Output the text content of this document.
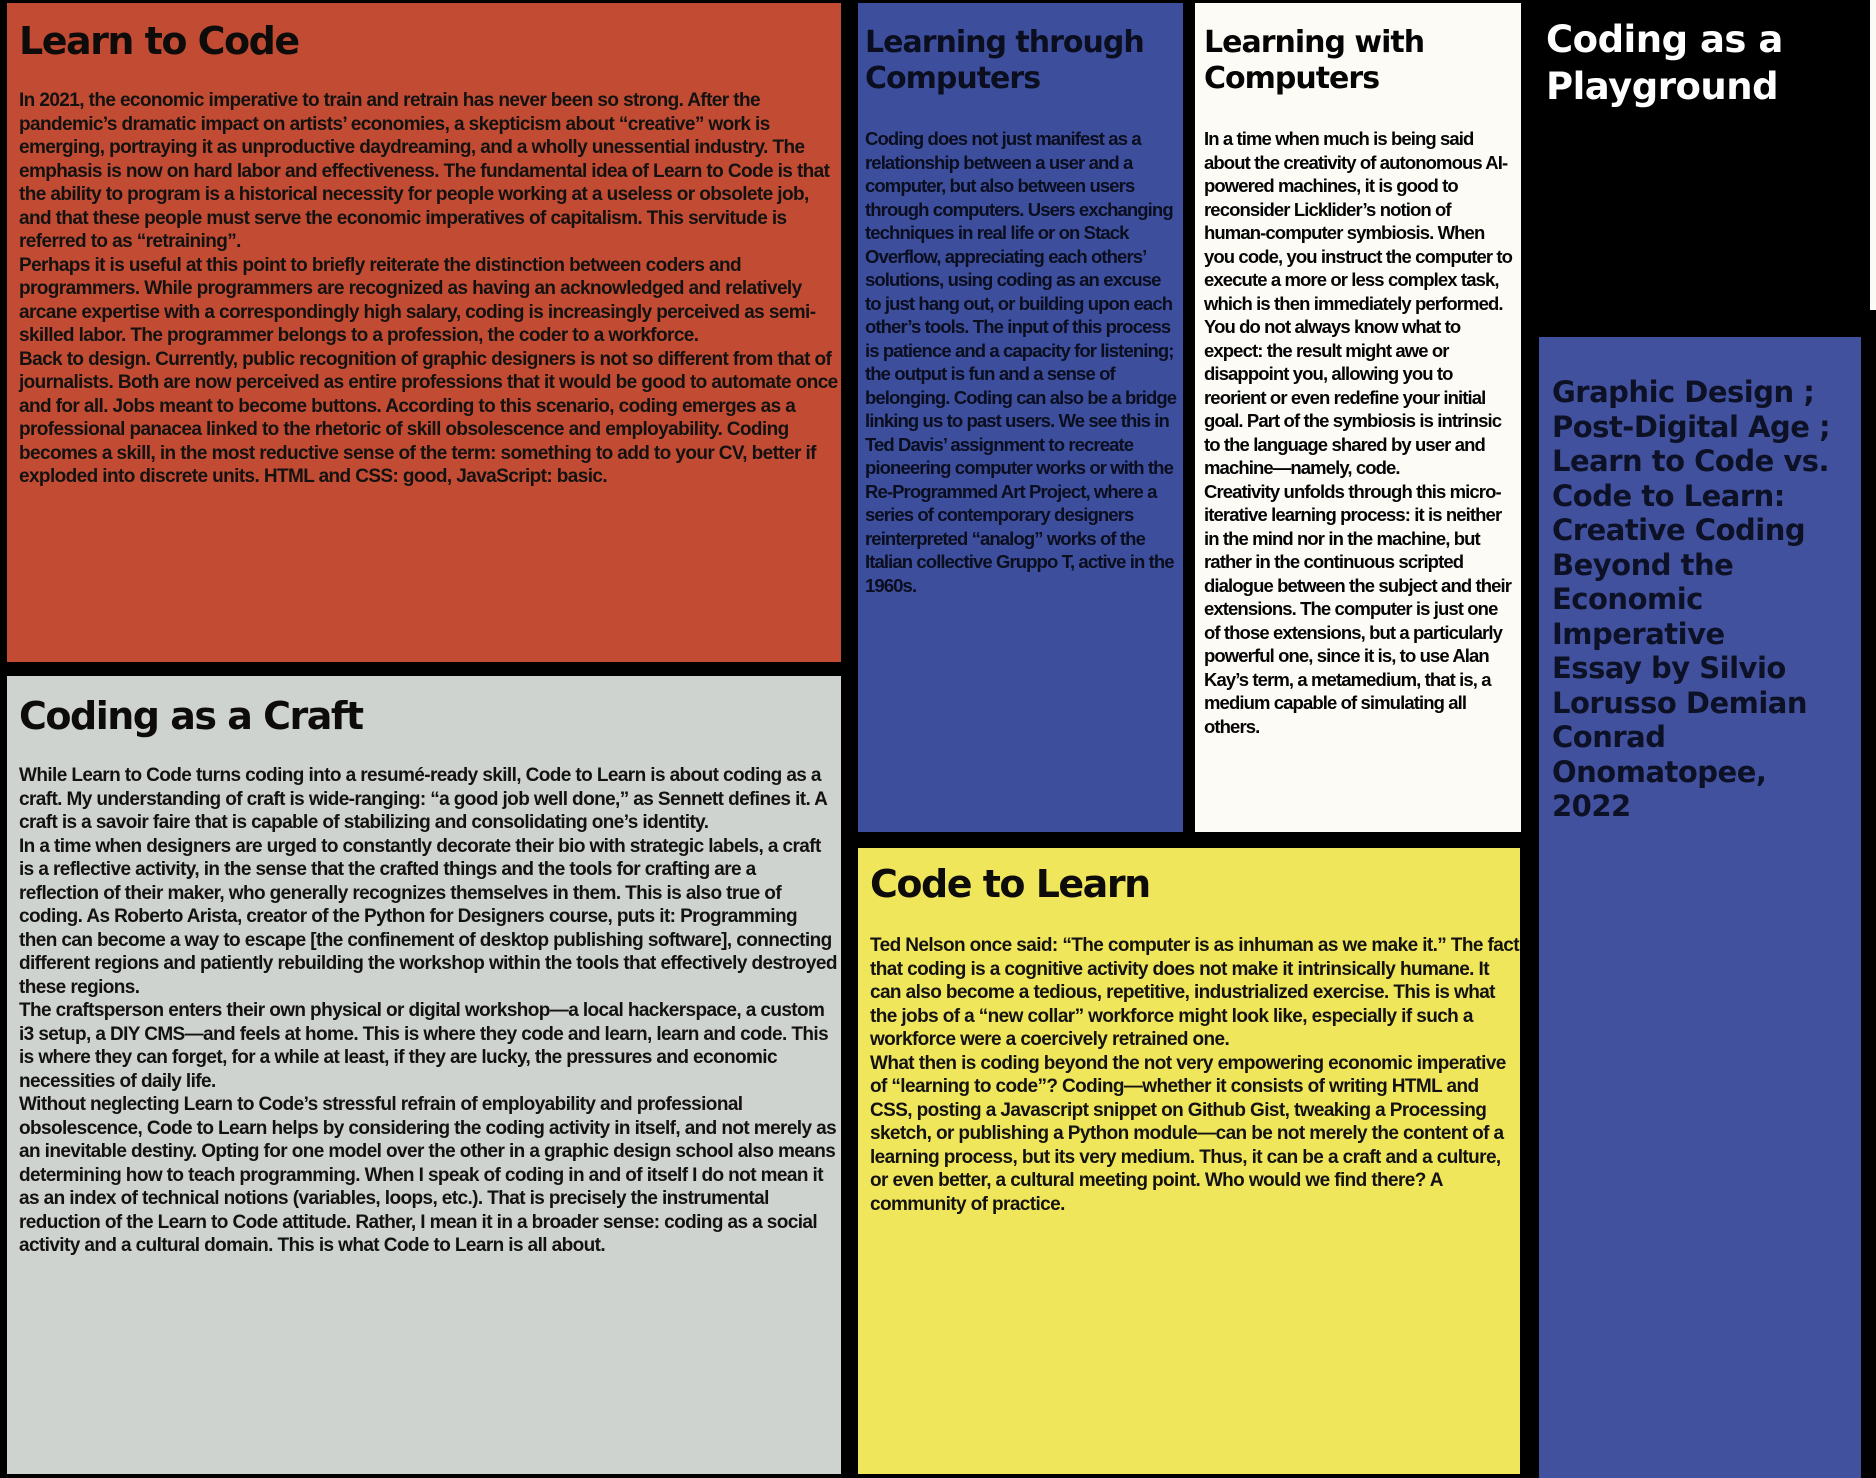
Learn to Code
In 2021, the economic imperative to train and retrain has never been so strong. After the pandemic’s dramatic impact on artists’ economies, a skepticism about “creative” work is emerging, portraying it as unproductive daydreaming, and a wholly unessential industry. The emphasis is now on hard labor and effectiveness. The fundamental idea of Learn to Code is that the ability to program is a historical necessity for people working at a useless or obsolete job, and that these people must serve the economic imperatives of capitalism. This servitude is referred to as “retraining”.
Perhaps it is useful at this point to briefly reiterate the distinction between coders and programmers. While programmers are recognized as having an acknowledged and relatively arcane expertise with a correspondingly high salary, coding is increasingly perceived as semi-skilled labor. The programmer belongs to a profession, the coder to a workforce.
Back to design. Currently, public recognition of graphic designers is not so different from that of journalists. Both are now perceived as entire professions that it would be good to automate once and for all. Jobs meant to become buttons. According to this scenario, coding emerges as a professional panacea linked to the rhetoric of skill obsolescence and employability. Coding becomes a skill, in the most reductive sense of the term: something to add to your CV, better if exploded into discrete units. HTML and CSS: good, JavaScript: basic.
Coding as a Craft
While Learn to Code turns coding into a resumé-ready skill, Code to Learn is about coding as a craft. My understanding of craft is wide-ranging: “a good job well done,” as Sennett defines it. A craft is a savoir faire that is capable of stabilizing and consolidating one’s identity.
In a time when designers are urged to constantly decorate their bio with strategic labels, a craft is a reflective activity, in the sense that the crafted things and the tools for crafting are a reflection of their maker, who generally recognizes themselves in them. This is also true of coding. As Roberto Arista, creator of the Python for Designers course, puts it: Programming then can become a way to escape [the confinement of desktop publishing software], connecting different regions and patiently rebuilding the workshop within the tools that effectively destroyed these regions.
The craftsperson enters their own physical or digital workshop—a local hackerspace, a custom i3 setup, a DIY CMS—and feels at home. This is where they code and learn, learn and code. This is where they can forget, for a while at least, if they are lucky, the pressures and economic necessities of daily life.
Without neglecting Learn to Code’s stressful refrain of employability and professional obsolescence, Code to Learn helps by considering the coding activity in itself, and not merely as an inevitable destiny. Opting for one model over the other in a graphic design school also means determining how to teach programming. When I speak of coding in and of itself I do not mean it as an index of technical notions (variables, loops, etc.). That is precisely the instrumental reduction of the Learn to Code attitude. Rather, I mean it in a broader sense: coding as a social activity and a cultural domain. This is what Code to Learn is all about.
Learning through Computers
Coding does not just manifest as a relationship between a user and a computer, but also between users through computers. Users exchanging techniques in real life or on Stack Overflow, appreciating each others’ solutions, using coding as an excuse to just hang out, or building upon each other’s tools. The input of this process is patience and a capacity for listening; the output is fun and a sense of belonging. Coding can also be a bridge linking us to past users. We see this in Ted Davis’ assignment to recreate pioneering computer works or with the Re-Programmed Art Project, where a series of contemporary designers reinterpreted “analog” works of the Italian collective Gruppo T, active in the 1960s.
Learning with Computers
In a time when much is being said about the creativity of autonomous AI-powered machines, it is good to reconsider Licklider’s notion of human-computer symbiosis. When you code, you instruct the computer to execute a more or less complex task, which is then immediately performed. You do not always know what to expect: the result might awe or disappoint you, allowing you to reorient or even redefine your initial goal. Part of the symbiosis is intrinsic to the language shared by user and machine—namely, code.
Creativity unfolds through this micro-iterative learning process: it is neither in the mind nor in the machine, but rather in the continuous scripted dialogue between the subject and their extensions. The computer is just one of those extensions, but a particularly powerful one, since it is, to use Alan Kay’s term, a metamedium, that is, a medium capable of simulating all others.
Code to Learn
Ted Nelson once said: “The computer is as inhuman as we make it.” The fact that coding is a cognitive activity does not make it intrinsically humane. It can also become a tedious, repetitive, industrialized exercise. This is what the jobs of a “new collar” workforce might look like, especially if such a workforce were a coercively retrained one.
What then is coding beyond the not very empowering economic imperative of “learning to code”? Coding—whether it consists of writing HTML and CSS, posting a Javascript snippet on Github Gist, tweaking a Processing sketch, or publishing a Python module—can be not merely the content of a learning process, but its very medium. Thus, it can be a craft and a culture, or even better, a cultural meeting point. Who would we find there? A community of practice.
Coding as a Playground
Graphic Design ;
Post-Digital Age ;
Learn to Code vs.
Code to Learn:
Creative Coding
Beyond the
Economic
Imperative
Essay by Silvio
Lorusso Demian
Conrad
Onomatopee, 2022
